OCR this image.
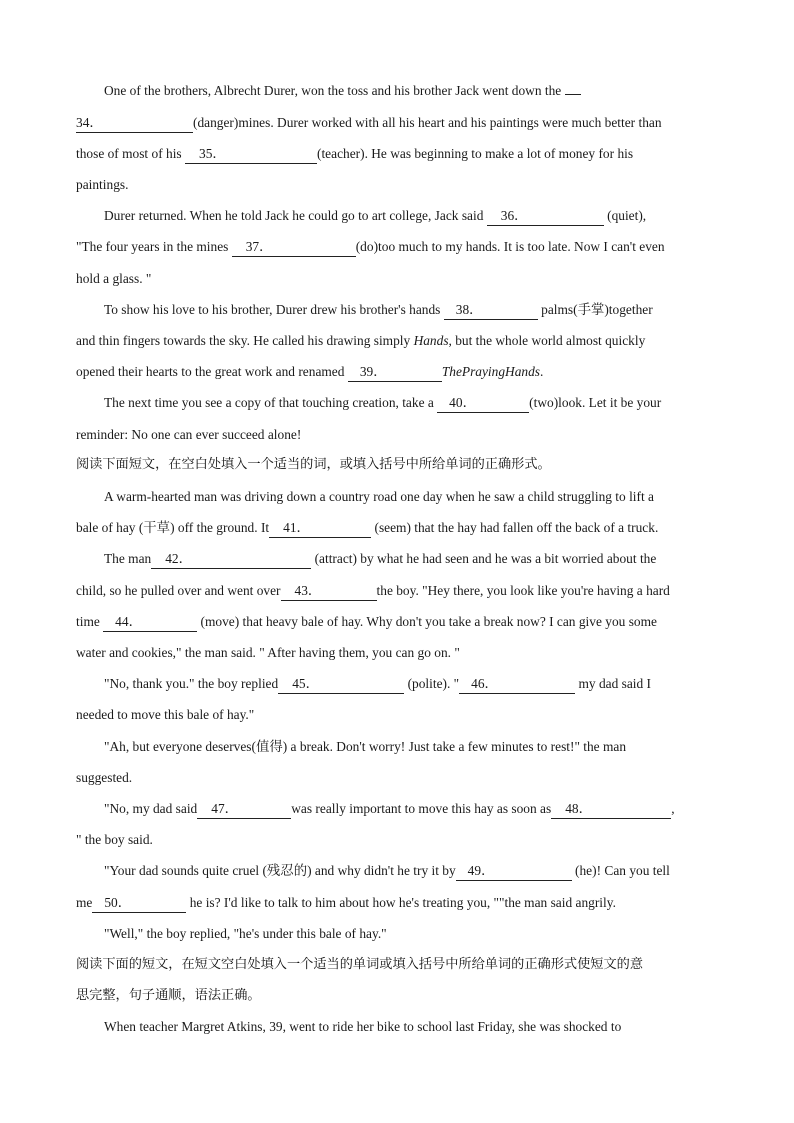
One of the brothers, Albrecht Durer, won the toss and his brother Jack went down the
34．	(danger)mines. Durer worked with all his heart and his paintings were much better than
those of most of his 35．	(teacher). He was beginning to make a lot of money for his
paintings.
Durer returned. When he told Jack he could go to art college, Jack said 36．	(quiet),
"The four years in the mines 37．	(do)too much to my hands. It is too late. Now I can't even
hold a glass. "
To show his love to his brother, Durer drew his brother's hands 38．	palms(手掌)together
and thin fingers towards the sky. He called his drawing simply Hands, but the whole world almost quickly
opened their hearts to the great work and renamed 39．	ThePrayingHands.
The next time you see a copy of that touching creation, take a 40．	(two)look. Let it be your
reminder: No one can ever succeed alone!
阅读下面短文，在空白处填入一个适当的词，或填入括号中所给单词的正确形式。
A warm-hearted man was driving down a country road one day when he saw a child struggling to lift a
bale of hay (干草) off the ground. It 41．	(seem) that the hay had fallen off the back of a truck.
The man 42．	(attract) by what he had seen and he was a bit worried about the
child, so he pulled over and went over 43．	the boy. "Hey there, you look like you're having a hard
time 44．	(move) that heavy bale of hay. Why don't you take a break now? I can give you some
water and cookies," the man said. " After having them, you can go on. "
"No, thank you." the boy replied 45．	(polite). " 46．	my dad said I
needed to move this bale of hay."
"Ah, but everyone deserves(值得) a break. Don't worry! Just take a few minutes to rest!" the man
suggested.
"No, my dad said 47．	was really important to move this hay as soon as 48．	,
" the boy said.
"Your dad sounds quite cruel (残忍的) and why didn't he try it by 49．	(he)! Can you tell
me 50．	he is? I'd like to talk to him about how he's treating you, ""the man said angrily.
"Well," the boy replied, "he's under this bale of hay."
阅读下面的短文，在短文空白处填入一个适当的单词或填入括号中所给单词的正确形式使短文的意
思完整，句子通顺，语法正确。
When teacher Margret Atkins, 39, went to ride her bike to school last Friday, she was shocked to
